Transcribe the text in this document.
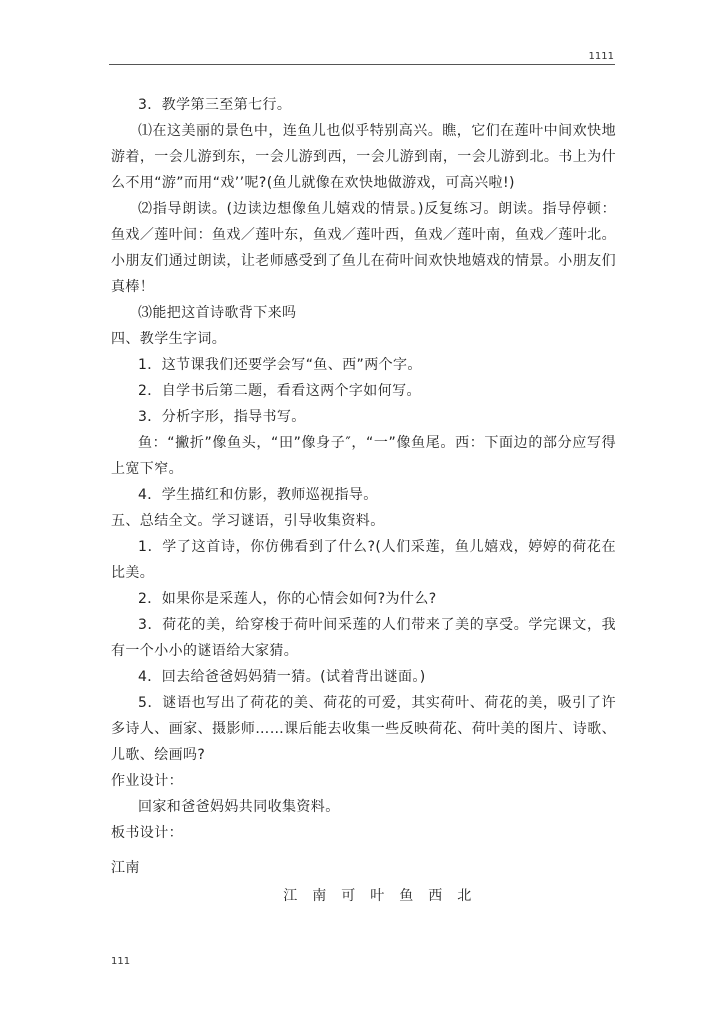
1111

3．教学第三至第七行。

⑴在这美丽的景色中，连鱼儿也似乎特别高兴。瞧，它们在莲叶中间欢快地游着，一会儿游到东，一会儿游到西，一会儿游到南，一会儿游到北。书上为什么不用“游”而用“戏’’呢?(鱼儿就像在欢快地做游戏，可高兴啦!)

⑵指导朗读。(边读边想像鱼儿嬉戏的情景。)反复练习。朗读。指导停顿：鱼戏／莲叶间：鱼戏／莲叶东，鱼戏／莲叶西，鱼戏／莲叶南，鱼戏／莲叶北。小朋友们通过朗读，让老师感受到了鱼儿在荷叶间欢快地嬉戏的情景。小朋友们真棒！

⑶能把这首诗歌背下来吗

四、教学生字词。

1．这节课我们还要学会写“鱼、西”两个字。

2．自学书后第二题，看看这两个字如何写。

3．分析字形，指导书写。

鱼：“撇折”像鱼头，“田”像身子″，“一”像鱼尾。西：下面边的部分应写得上宽下窄。

4．学生描红和仿影，教师巡视指导。

五、总结全文。学习谜语，引导收集资料。

1．学了这首诗，你仿佛看到了什么?(人们采莲，鱼儿嬉戏，婷婷的荷花在比美。

2．如果你是采莲人，你的心情会如何?为什么?

3．荷花的美，给穿梭于荷叶间采莲的人们带来了美的享受。学完课文，我有一个小小的谜语给大家猜。

4．回去给爸爸妈妈猜一猜。(试着背出谜面。)

5．谜语也写出了荷花的美、荷花的可爱，其实荷叶、荷花的美，吸引了许多诗人、画家、摄影师……课后能去收集一些反映荷花、荷叶美的图片、诗歌、儿歌、绘画吗?

作业设计：

回家和爸爸妈妈共同收集资料。

板书设计：

江南

江	南	可	叶	鱼	西	北
111
